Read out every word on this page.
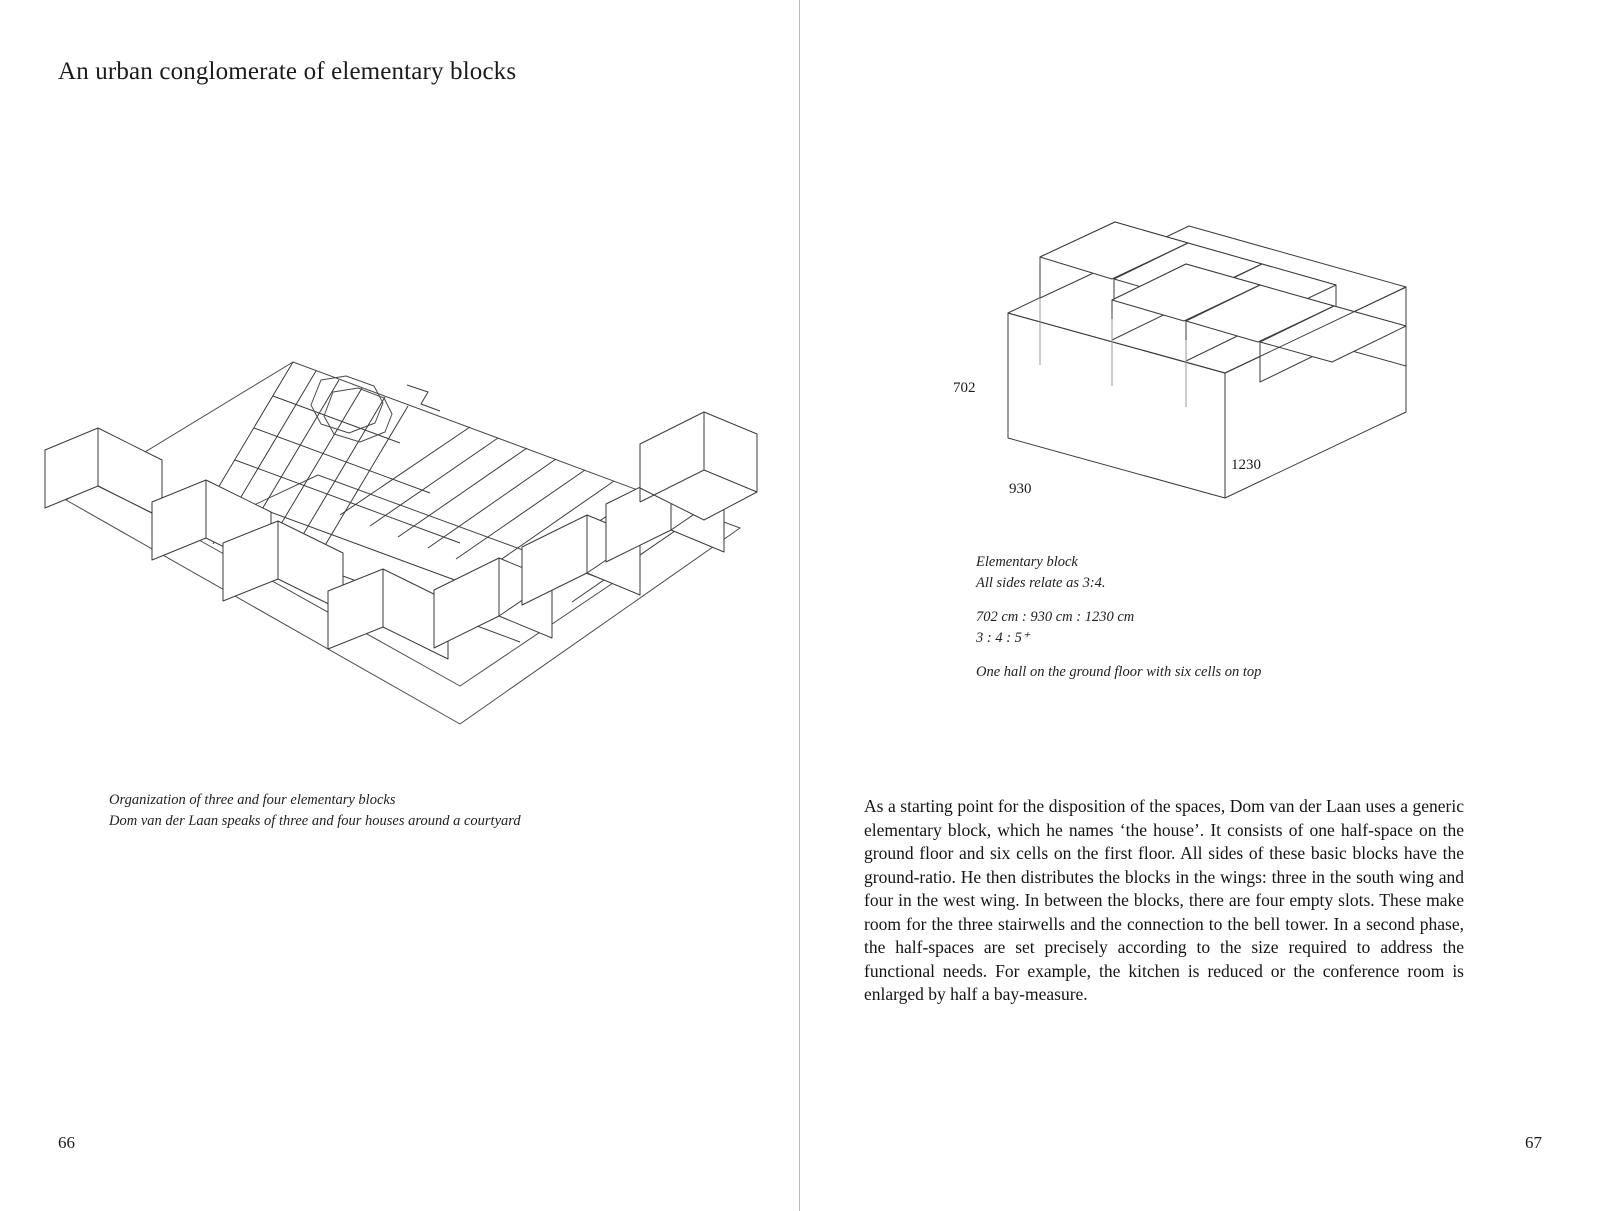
An urban conglomerate of elementary blocks
Organization of three and four elementary blocks
Dom van der Laan speaks of three and four houses around a courtyard
66
702
930
1230
Elementary block
All sides relate as 3:4.
702 cm : 930 cm : 1230 cm
3 : 4 : 5⁺
One hall on the ground floor with six cells on top

As a starting point for the disposition of the spaces, Dom van der Laan uses a generic elementary block, which he names ‘the house’. It consists of one half-space on the ground floor and six cells on the first floor. All sides of these basic blocks have the ground-ratio. He then distributes the blocks in the wings: three in the south wing and four in the west wing. In between the blocks, there are four empty slots. These make room for the three stairwells and the connection to the bell tower. In a second phase, the half-spaces are set precisely according to the size required to address the functional needs. For example, the kitchen is reduced or the conference room is enlarged by half a bay-measure.

67
